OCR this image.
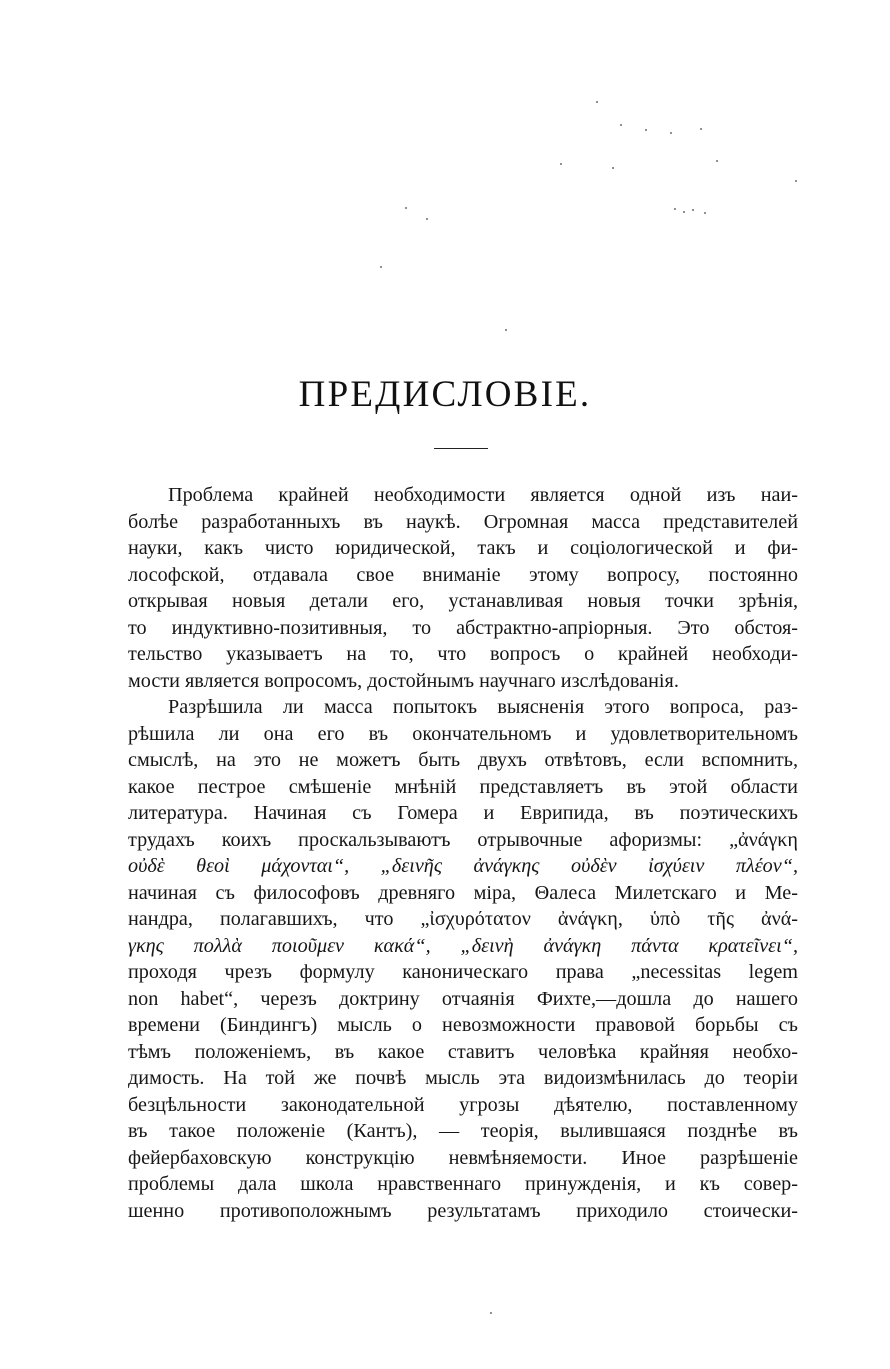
ПРЕДИСЛОВІЕ.
Проблема крайней необходимости является одной изъ наи-
болѣе разработанныхъ въ наукѣ. Огромная масса представителей
науки, какъ чисто юридической, такъ и соціологической и фи-
лософской, отдавала свое вниманіе этому вопросу, постоянно
открывая новыя детали его, устанавливая новыя точки зрѣнія,
то индуктивно-позитивныя, то абстрактно-апріорныя. Это обстоя-
тельство указываетъ на то, что вопросъ о крайней необходи-
мости является вопросомъ, достойнымъ научнаго изслѣдованія.
Разрѣшила ли масса попытокъ выясненія этого вопроса, раз-
рѣшила ли она его въ окончательномъ и удовлетворительномъ
смыслѣ, на это не можетъ быть двухъ отвѣтовъ, если вспомнить,
какое пестрое смѣшеніе мнѣній представляетъ въ этой области
литература. Начиная съ Гомера и Еврипида, въ поэтическихъ
трудахъ коихъ проскальзываютъ отрывочные афоризмы: „ἀνάγκη
οὐδὲ θεοὶ μάχονται“, „δεινῆς ἀνάγκης οὐδὲν ἰσχύειν πλέον“,
начиная съ философовъ древняго міра, Θалеса Милетскаго и Ме-
нандра, полагавшихъ, что „ἰσχυρότατον ἀνάγκη, ὑπὸ τῆς ἀνά-
γκης πολλὰ ποιοῦμεν κακά“, „δεινὴ ἀνάγκη πάντα κρατεῖνει“,
проходя чрезъ формулу каноническаго права „necessitas legem
non habet“, черезъ доктрину отчаянія Фихте,—дошла до нашего
времени (Биндингъ) мысль о невозможности правовой борьбы съ
тѣмъ положеніемъ, въ какое ставитъ человѣка крайняя необхо-
димость. На той же почвѣ мысль эта видоизмѣнилась до теоріи
безцѣльности законодательной угрозы дѣятелю, поставленному
въ такое положеніе (Кантъ), — теорія, вылившаяся позднѣе въ
фейербаховскую конструкцію невмѣняемости. Иное разрѣшеніе
проблемы дала школа нравственнаго принужденія, и къ совер-
шенно противоположнымъ результатамъ приходило стоически-
